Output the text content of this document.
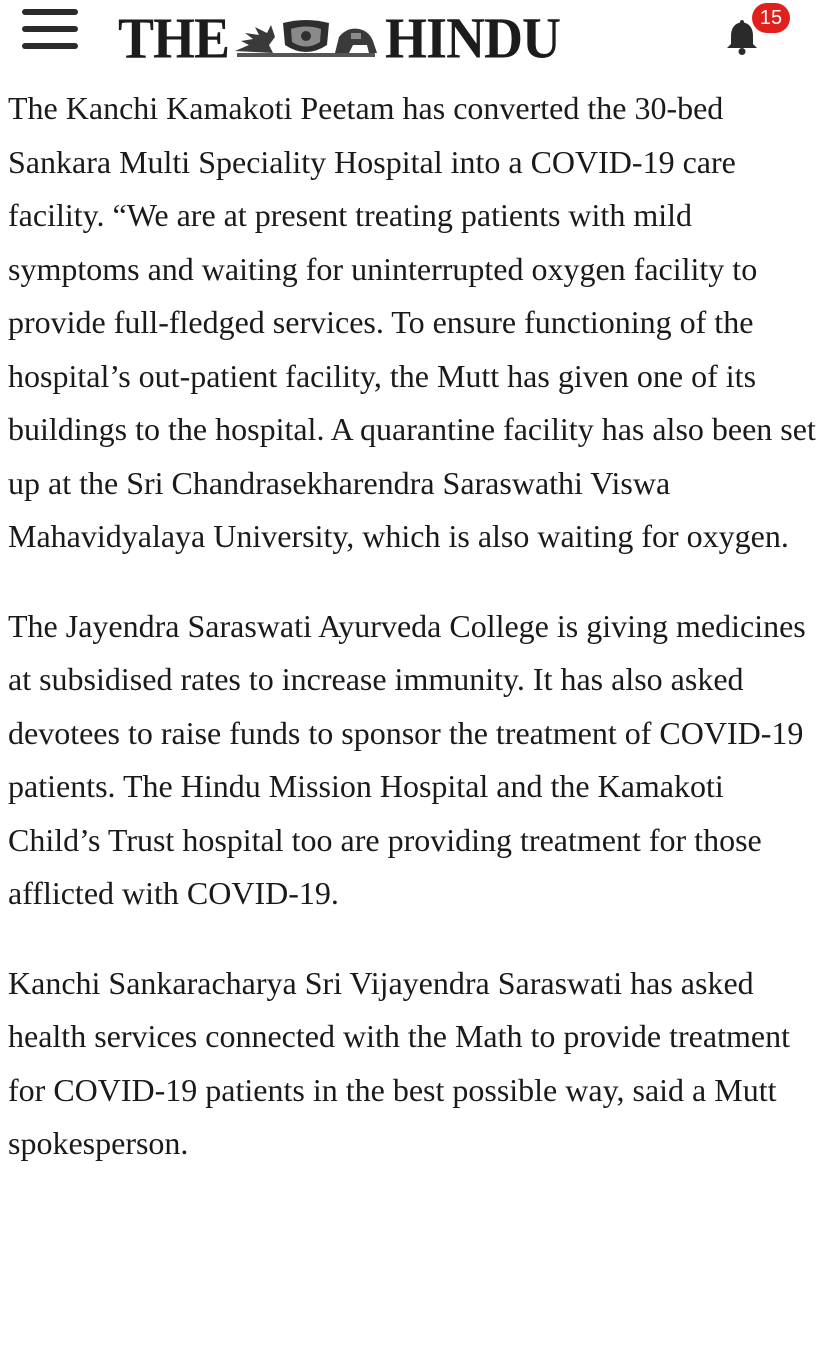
THE	HINDU	15

The Kanchi Kamakoti Peetam has converted the 30-bed Sankara Multi Speciality Hospital into a COVID-19 care facility. “We are at present treating patients with mild symptoms and waiting for uninterrupted oxygen facility to provide full-fledged services. To ensure functioning of the hospital’s out-patient facility, the Mutt has given one of its buildings to the hospital. A quarantine facility has also been set up at the Sri Chandrasekharendra Saraswathi Viswa Mahavidyalaya University, which is also waiting for oxygen.

The Jayendra Saraswati Ayurveda College is giving medicines at subsidised rates to increase immunity. It has also asked devotees to raise funds to sponsor the treatment of COVID-19 patients. The Hindu Mission Hospital and the Kamakoti Child’s Trust hospital too are providing treatment for those afflicted with COVID-19.

Kanchi Sankaracharya Sri Vijayendra Saraswati has asked health services connected with the Math to provide treatment for COVID-19 patients in the best possible way, said a Mutt spokesperson.
